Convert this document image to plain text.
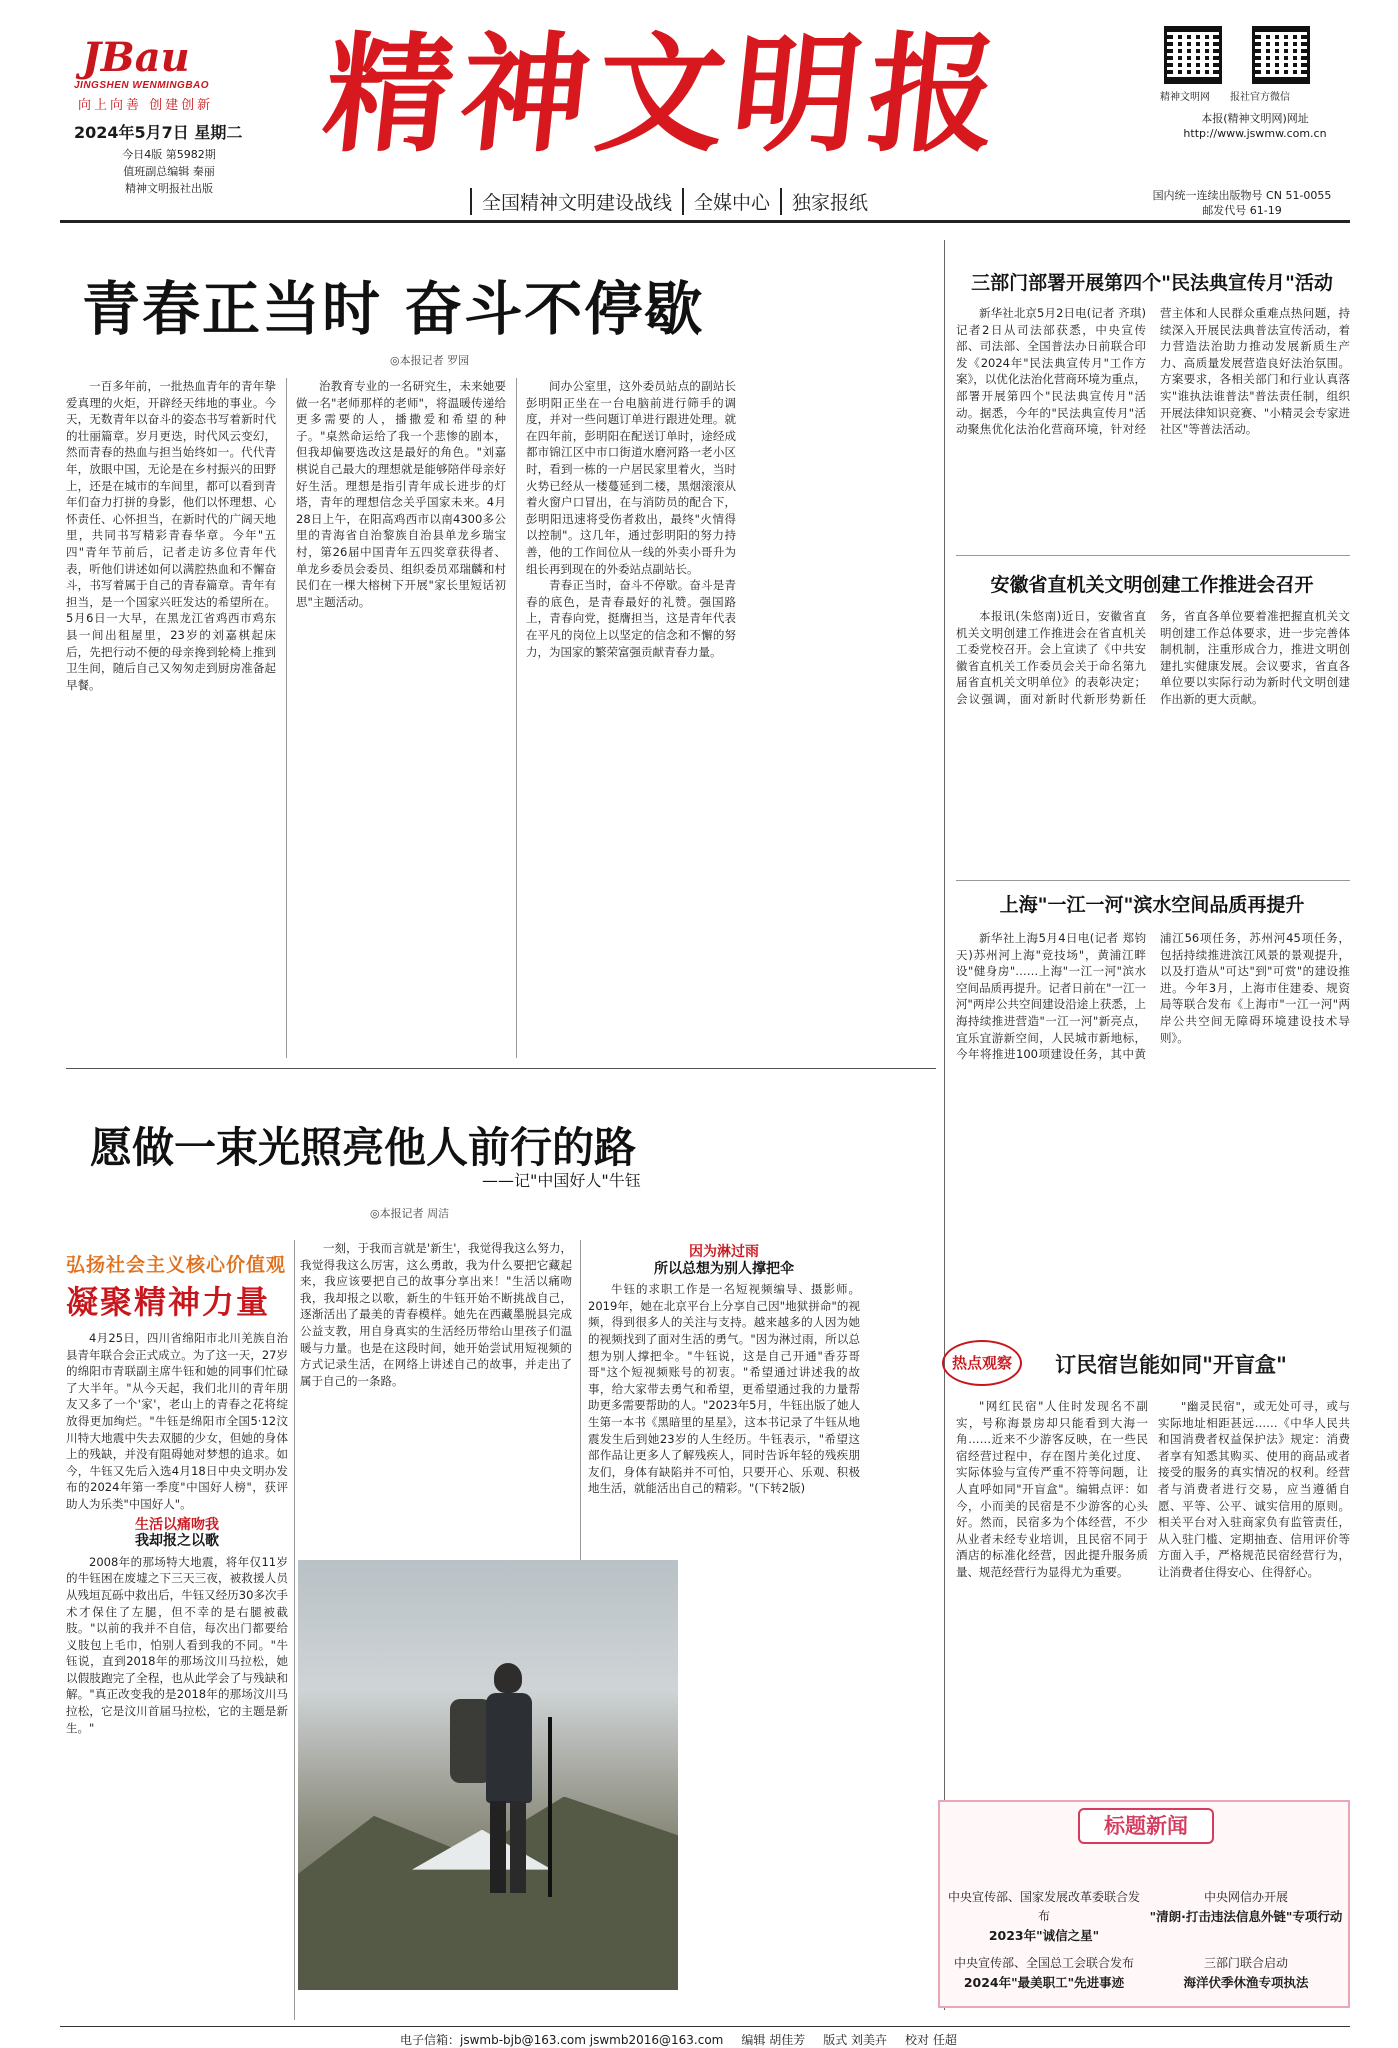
JBau
JINGSHEN WENMINGBAO
向上向善 创建创新
2024年5月7日 星期二
今日4版 第5982期
值班副总编辑 秦丽
精神文明报社出版
精神文明报
全国精神文明建设战线	全媒中心	独家报纸
精神文明网 报社官方微信
本报(精神文明网)网址
http://www.jswmw.com.cn
国内统一连续出版物号 CN 51-0055
邮发代号 61-19
青春正当时 奋斗不停歇
◎本报记者 罗园

一百多年前，一批热血青年的青年挚爱真理的火炬，开辟经天纬地的事业。今天，无数青年以奋斗的姿态书写着新时代的壮丽篇章。岁月更迭，时代风云变幻，然而青春的热血与担当始终如一。代代青年，放眼中国，无论是在乡村振兴的田野上，还是在城市的车间里，都可以看到青年们奋力打拼的身影，他们以怀理想、心怀责任、心怀担当，在新时代的广阔天地里，共同书写精彩青春华章。今年"五四"青年节前后，记者走访多位青年代表，听他们讲述如何以满腔热血和不懈奋斗，书写着属于自己的青春篇章。青年有担当，是一个国家兴旺发达的希望所在。5月6日一大早，在黑龙江省鸡西市鸡东县一间出租屋里，23岁的刘嘉棋起床后，先把行动不便的母亲搀到轮椅上推到卫生间，随后自己又匆匆走到厨房准备起早餐。

治教育专业的一名研究生，未来她要做一名"老师那样的老师"，将温暖传递给更多需要的人，播撒爱和希望的种子。"桌然命运给了我一个悲惨的剧本，但我却偏要选改这是最好的角色。"刘嘉棋说自己最大的理想就是能够陪伴母亲好好生活。理想是指引青年成长进步的灯塔，青年的理想信念关乎国家未来。4月28日上午，在阳高鸡西市以南4300多公里的青海省自治黎族自治县单龙乡瑞宝村，第26届中国青年五四奖章获得者、单龙乡委员会委员、组织委员邓瑞麟和村民们在一棵大榕树下开展"家长里短话初思"主题活动。

间办公室里，这外委员站点的副站长彭明阳正坐在一台电脑前进行筛手的调度，并对一些问题订单进行跟进处理。就在四年前，彭明阳在配送订单时，途经成都市锦江区中市口街道水磨河路一老小区时，看到一栋的一户居民家里着火，当时火势已经从一楼蔓延到二楼，黑烟滚滚从着火窗户口冒出，在与消防员的配合下，彭明阳迅速将受伤者救出，最终"火情得以控制"。这几年，通过彭明阳的努力持善，他的工作间位从一线的外卖小哥升为组长再到现在的外委站点副站长。

青春正当时，奋斗不停歇。奋斗是青春的底色，是青春最好的礼赞。强国路上，青春向党，挺膺担当，这是青年代表在平凡的岗位上以坚定的信念和不懈的努力，为国家的繁荣富强贡献青春力量。

三部门部署开展第四个"民法典宣传月"活动

新华社北京5月2日电(记者 齐琪)记者2日从司法部获悉，中央宣传部、司法部、全国普法办日前联合印发《2024年"民法典宣传月"工作方案》，以优化法治化营商环境为重点，部署开展第四个"民法典宣传月"活动。据悉，今年的"民法典宣传月"活动聚焦优化法治化营商环境，针对经营主体和人民群众重难点热问题，持续深入开展民法典普法宣传活动，着力营造法治助力推动发展新质生产力、高质量发展营造良好法治氛围。方案要求，各相关部门和行业认真落实"谁执法谁普法"普法责任制，组织开展法律知识竞赛、"小精灵会专家进社区"等普法活动。

安徽省直机关文明创建工作推进会召开

本报讯(朱悠南)近日，安徽省直机关文明创建工作推进会在省直机关工委党校召开。会上宣读了《中共安徽省直机关工作委员会关于命名第九届省直机关文明单位》的表彰决定；会议强调，面对新时代新形势新任务，省直各单位要着准把握直机关文明创建工作总体要求，进一步完善体制机制，注重形成合力，推进文明创建扎实健康发展。会议要求，省直各单位要以实际行动为新时代文明创建作出新的更大贡献。

上海"一江一河"滨水空间品质再提升

新华社上海5月4日电(记者 郑钧天)苏州河上海"竞技场"，黄浦江畔设"健身房"……上海"一江一河"滨水空间品质再提升。记者日前在"一江一河"两岸公共空间建设沿途上获悉，上海持续推进营造"一江一河"新亮点，宜乐宜游新空间，人民城市新地标，今年将推进100项建设任务，其中黄浦江56项任务，苏州河45项任务，包括持续推进滨江风景的景观提升，以及打造从"可达"到"可赏"的建设推进。今年3月，上海市住建委、规资局等联合发布《上海市"一江一河"两岸公共空间无障碍环境建设技术导则》。

愿做一束光照亮他人前行的路
——记"中国好人"牛钰
◎本报记者 周洁
弘扬社会主义核心价值观
凝聚精神力量

4月25日，四川省绵阳市北川羌族自治县青年联合会正式成立。为了这一天，27岁的绵阳市青联副主席牛钰和她的同事们忙碌了大半年。"从今天起，我们北川的青年朋友又多了一个'家'，老山上的青春之花将绽放得更加绚烂。"牛钰是绵阳市全国5·12汶川特大地震中失去双腿的少女，但她的身体上的残缺，并没有阻碍她对梦想的追求。如今，牛钰又先后入选4月18日中央文明办发布的2024年第一季度"中国好人榜"，获评助人为乐类"中国好人"。

生活以痛吻我
我却报之以歌

2008年的那场特大地震，将年仅11岁的牛钰困在废墟之下三天三夜，被救援人员从残垣瓦砾中救出后，牛钰又经历30多次手术才保住了左腿，但不幸的是右腿被截肢。"以前的我并不自信，每次出门都要给义肢包上毛巾，怕别人看到我的不同。"牛钰说，直到2018年的那场汶川马拉松，她以假肢跑完了全程，也从此学会了与残缺和解。"真正改变我的是2018年的那场汶川马拉松，它是汶川首届马拉松，它的主题是新生。"

一刻，于我而言就是'新生'，我觉得我这么努力，我觉得我这么厉害，这么勇敢，我为什么要把它藏起来，我应该要把自己的故事分享出来！"生活以痛吻我，我却报之以歌，新生的牛钰开始不断挑战自己，逐渐活出了最美的青春模样。她先在西藏墨脱县完成公益支教，用自身真实的生活经历带给山里孩子们温暖与力量。也是在这段时间，她开始尝试用短视频的方式记录生活，在网络上讲述自己的故事，并走出了属于自己的一条路。

因为淋过雨
所以总想为别人撑把伞

牛钰的求职工作是一名短视频编导、摄影师。2019年，她在北京平台上分享自己因"地狱拼命"的视频，得到很多人的关注与支持。越来越多的人因为她的视频找到了面对生活的勇气。"因为淋过雨，所以总想为别人撑把伞。"牛钰说，这是自己开通"香芬哥哥"这个短视频账号的初衷。"希望通过讲述我的故事，给大家带去勇气和希望，更希望通过我的力量帮助更多需要帮助的人。"2023年5月，牛钰出版了她人生第一本书《黑暗里的星星》，这本书记录了牛钰从地震发生后到她23岁的人生经历。牛钰表示，"希望这部作品让更多人了解残疾人，同时告诉年轻的残疾朋友们，身体有缺陷并不可怕，只要开心、乐观、积极地生活，就能活出自己的精彩。"(下转2版)

热点观察 订民宿岂能如同"开盲盒"

"网红民宿"人住时发现名不副实，号称海景房却只能看到大海一角……近来不少游客反映，在一些民宿经营过程中，存在图片美化过度、实际体验与宣传严重不符等问题，让人直呼如同"开盲盒"。编辑点评：如今，小而美的民宿是不少游客的心头好。然而，民宿多为个体经营，不少从业者未经专业培训，且民宿不同于酒店的标准化经营，因此提升服务质量、规范经营行为显得尤为重要。

"幽灵民宿"，或无处可寻，或与实际地址相距甚远……《中华人民共和国消费者权益保护法》规定：消费者享有知悉其购买、使用的商品或者接受的服务的真实情况的权利。经营者与消费者进行交易，应当遵循自愿、平等、公平、诚实信用的原则。相关平台对入驻商家负有监管责任，从入驻门槛、定期抽查、信用评价等方面入手，严格规范民宿经营行为，让消费者住得安心、住得舒心。

标题新闻
中央宣传部、国家发展改革委联合发布
2023年"诚信之星"
中央网信办开展
"清朗·打击违法信息外链"专项行动
中央宣传部、全国总工会联合发布
2024年"最美职工"先进事迹
三部门联合启动
海洋伏季休渔专项执法
电子信箱：jswmb-bjb@163.com jswmb2016@163.com 编辑 胡佳芳 版式 刘美卉 校对 任超
